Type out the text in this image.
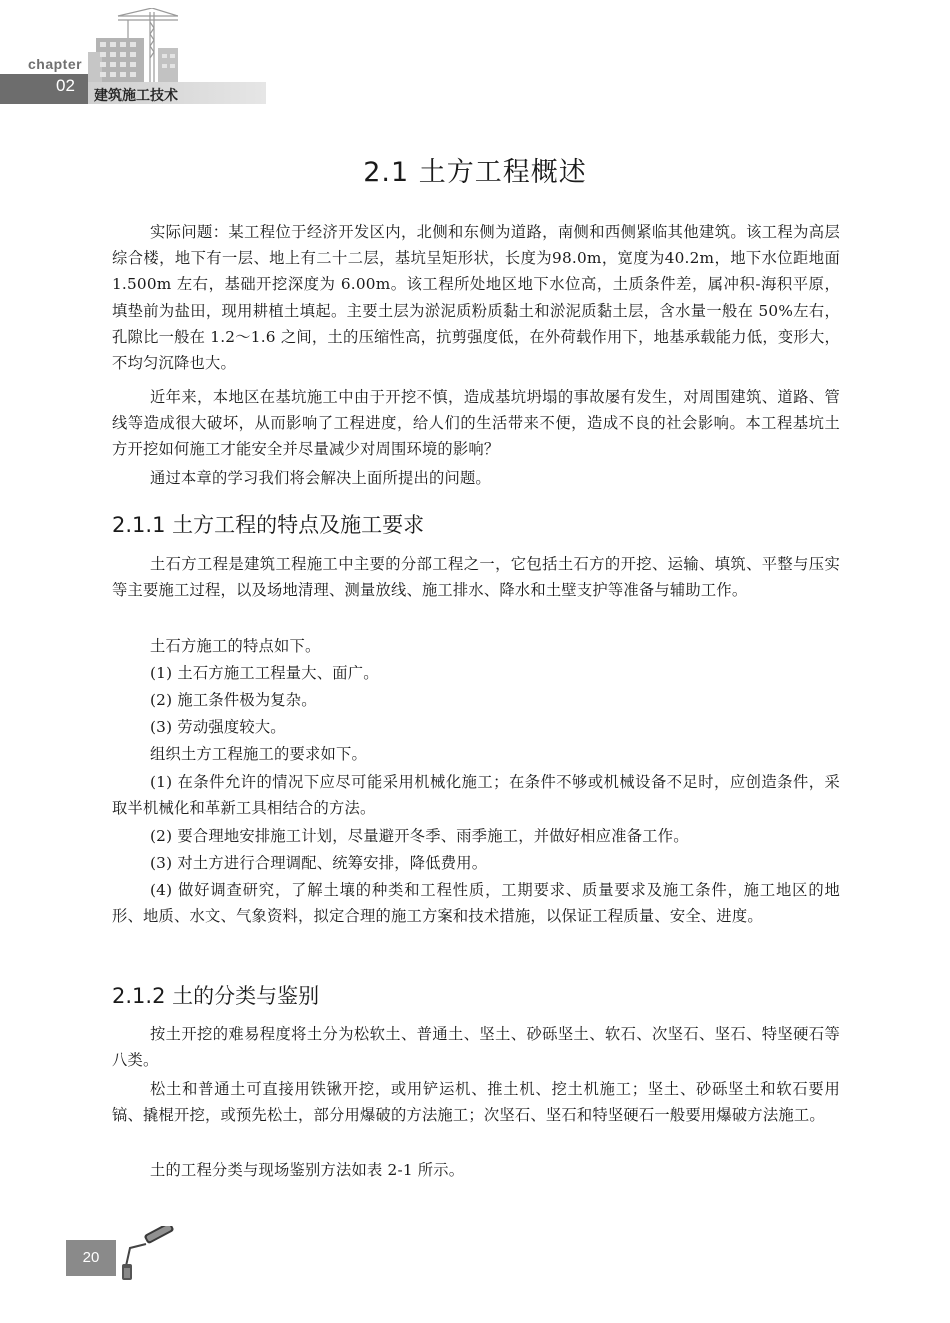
chapter
02
建筑施工技术
2.1 土方工程概述
实际问题：某工程位于经济开发区内，北侧和东侧为道路，南侧和西侧紧临其他建筑。该工程为高层综合楼，地下有一层、地上有二十二层，基坑呈矩形状，长度为98.0m，宽度为40.2m，地下水位距地面 1.500m 左右，基础开挖深度为 6.00m。该工程所处地区地下水位高，土质条件差，属冲积-海积平原，填垫前为盐田，现用耕植土填起。主要土层为淤泥质粉质黏土和淤泥质黏土层，含水量一般在 50%左右，孔隙比一般在 1.2～1.6 之间，土的压缩性高，抗剪强度低，在外荷载作用下，地基承载能力低，变形大，不均匀沉降也大。
近年来，本地区在基坑施工中由于开挖不慎，造成基坑坍塌的事故屡有发生，对周围建筑、道路、管线等造成很大破坏，从而影响了工程进度，给人们的生活带来不便，造成不良的社会影响。本工程基坑土方开挖如何施工才能安全并尽量减少对周围环境的影响？
通过本章的学习我们将会解决上面所提出的问题。
2.1.1 土方工程的特点及施工要求
土石方工程是建筑工程施工中主要的分部工程之一，它包括土石方的开挖、运输、填筑、平整与压实等主要施工过程，以及场地清理、测量放线、施工排水、降水和土壁支护等准备与辅助工作。
土石方施工的特点如下。
(1) 土石方施工工程量大、面广。
(2) 施工条件极为复杂。
(3) 劳动强度较大。
组织土方工程施工的要求如下。
(1) 在条件允许的情况下应尽可能采用机械化施工；在条件不够或机械设备不足时，应创造条件，采取半机械化和革新工具相结合的方法。
(2) 要合理地安排施工计划，尽量避开冬季、雨季施工，并做好相应准备工作。
(3) 对土方进行合理调配、统筹安排，降低费用。
(4) 做好调查研究，了解土壤的种类和工程性质，工期要求、质量要求及施工条件，施工地区的地形、地质、水文、气象资料，拟定合理的施工方案和技术措施，以保证工程质量、安全、进度。
2.1.2 土的分类与鉴别
按土开挖的难易程度将土分为松软土、普通土、坚土、砂砾坚土、软石、次坚石、坚石、特坚硬石等八类。
松土和普通土可直接用铁锹开挖，或用铲运机、推土机、挖土机施工；坚土、砂砾坚土和软石要用镐、撬棍开挖，或预先松土，部分用爆破的方法施工；次坚石、坚石和特坚硬石一般要用爆破方法施工。
土的工程分类与现场鉴别方法如表 2-1 所示。
20
